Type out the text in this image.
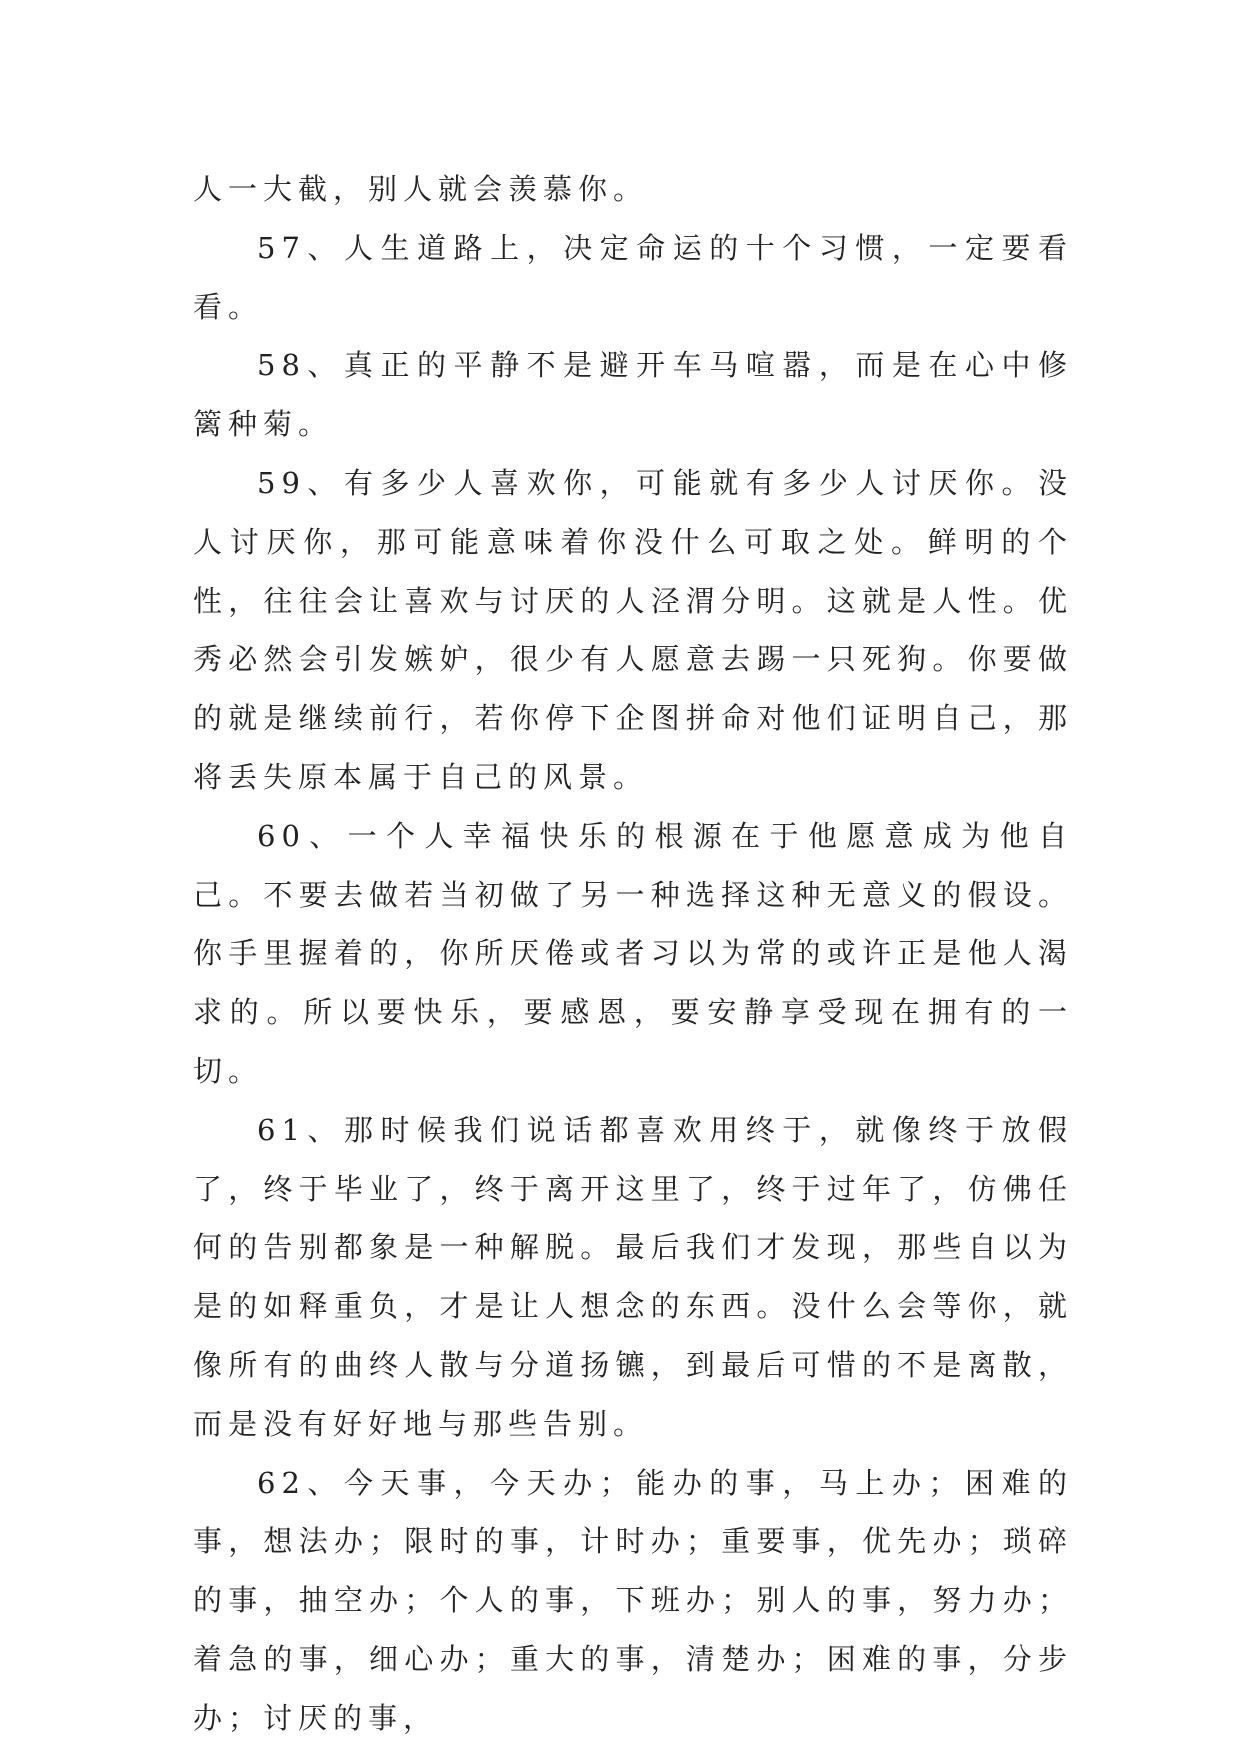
人一大截，别人就会羡慕你。

57、人生道路上，决定命运的十个习惯，一定要看看。

58、真正的平静不是避开车马喧嚣，而是在心中修篱种菊。

59、有多少人喜欢你，可能就有多少人讨厌你。没人讨厌你，那可能意味着你没什么可取之处。鲜明的个性，往往会让喜欢与讨厌的人泾渭分明。这就是人性。优秀必然会引发嫉妒，很少有人愿意去踢一只死狗。你要做的就是继续前行，若你停下企图拼命对他们证明自己，那将丢失原本属于自己的风景。

60、一个人幸福快乐的根源在于他愿意成为他自己。不要去做若当初做了另一种选择这种无意义的假设。你手里握着的，你所厌倦或者习以为常的或许正是他人渴求的。所以要快乐，要感恩，要安静享受现在拥有的一切。

61、那时候我们说话都喜欢用终于，就像终于放假了，终于毕业了，终于离开这里了，终于过年了，仿佛任何的告别都象是一种解脱。最后我们才发现，那些自以为是的如释重负，才是让人想念的东西。没什么会等你，就像所有的曲终人散与分道扬镳，到最后可惜的不是离散，而是没有好好地与那些告别。

62、今天事，今天办；能办的事，马上办；困难的事，想法办；限时的事，计时办；重要事，优先办；琐碎的事，抽空办；个人的事，下班办；别人的事，努力办；着急的事，细心办；重大的事，清楚办；困难的事，分步办；讨厌的事，
